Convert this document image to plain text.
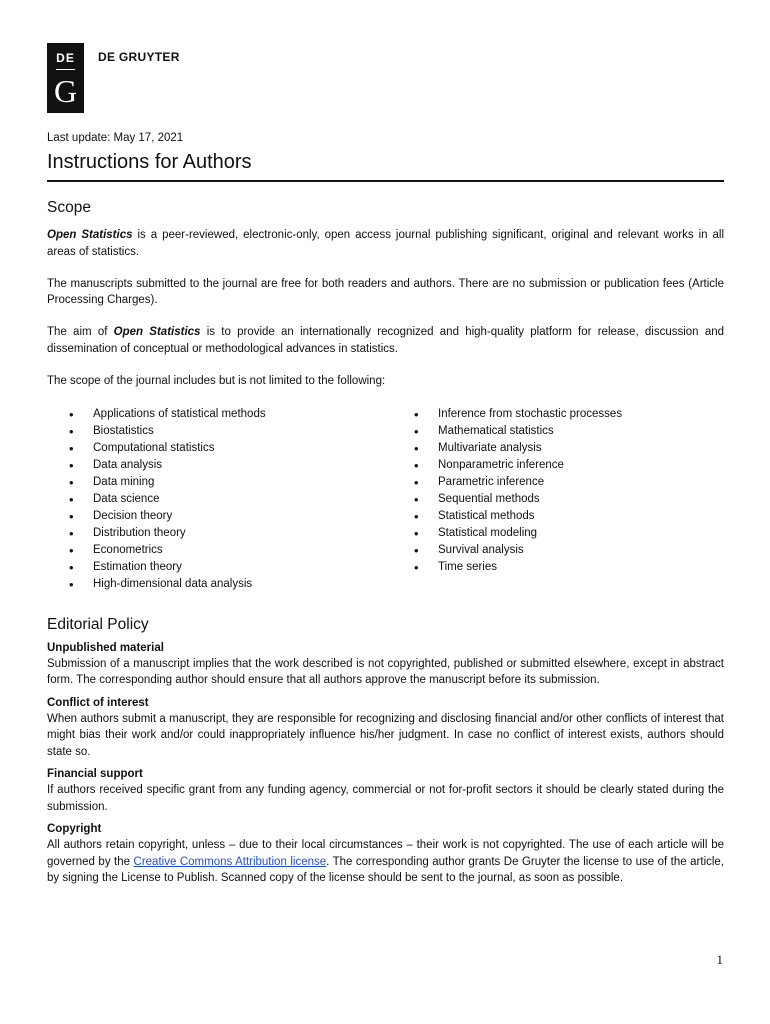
DE
G
DE GRUYTER

Last update: May 17, 2021

Instructions for Authors
Scope

Open Statistics is a peer-reviewed, electronic-only, open access journal publishing significant, original and relevant works in all areas of statistics.

The manuscripts submitted to the journal are free for both readers and authors. There are no submission or publication fees (Article Processing Charges).

The aim of Open Statistics is to provide an internationally recognized and high-quality platform for release, discussion and dissemination of conceptual or methodological advances in statistics.

The scope of the journal includes but is not limited to the following:

• Applications of statistical methods
• Biostatistics
• Computational statistics
• Data analysis
• Data mining
• Data science
• Decision theory
• Distribution theory
• Econometrics
• Estimation theory
• High-dimensional data analysis
• Inference from stochastic processes
• Mathematical statistics
• Multivariate analysis
• Nonparametric inference
• Parametric inference
• Sequential methods
• Statistical methods
• Statistical modeling
• Survival analysis
• Time series
Editorial Policy
Unpublished material

Submission of a manuscript implies that the work described is not copyrighted, published or submitted elsewhere, except in abstract form. The corresponding author should ensure that all authors approve the manuscript before its submission.

Conflict of interest

When authors submit a manuscript, they are responsible for recognizing and disclosing financial and/or other conflicts of interest that might bias their work and/or could inappropriately influence his/her judgment. In case no conflict of interest exists, authors should state so.

Financial support

If authors received specific grant from any funding agency, commercial or not for-profit sectors it should be clearly stated during the submission.

Copyright

All authors retain copyright, unless – due to their local circumstances – their work is not copyrighted. The use of each article will be governed by the Creative Commons Attribution license. The corresponding author grants De Gruyter the license to use of the article, by signing the License to Publish. Scanned copy of the license should be sent to the journal, as soon as possible.

1
